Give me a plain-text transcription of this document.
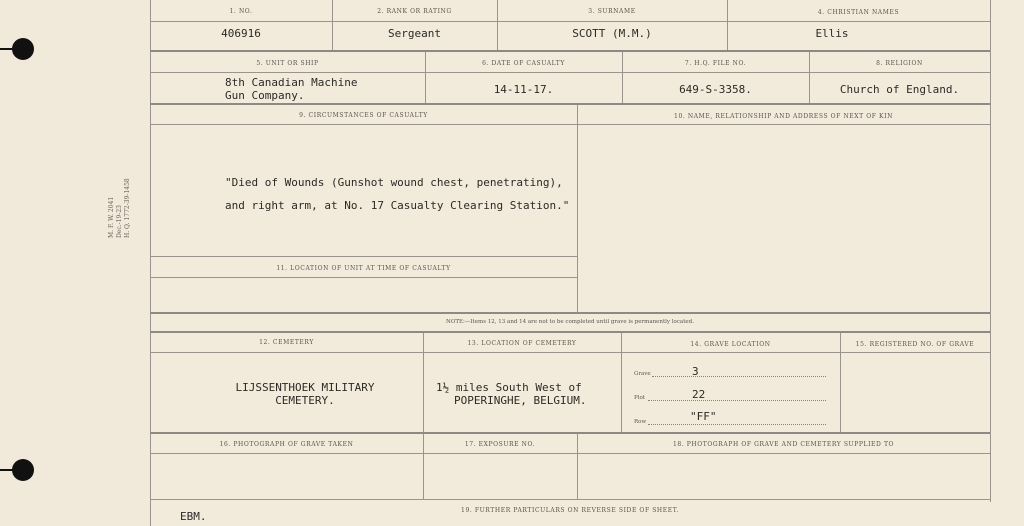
M. F. W. 2041 Dec.-19-23 H. Q. 1772-39-1458
1. NO.	2. RANK OR RATING	3. SURNAME	4. CHRISTIAN NAMES
406916	Sergeant	SCOTT (M.M.)	Ellis
5. UNIT OR SHIP	6. DATE OF CASUALTY	7. H.Q. FILE NO.	8. RELIGION
8th Canadian Machine
Gun Company.	14-11-17.	649-S-3358.	Church of England.
9. CIRCUMSTANCES OF CASUALTY	10. NAME, RELATIONSHIP AND ADDRESS OF NEXT OF KIN
"Died of Wounds (Gunshot wound chest, penetrating),
and right arm, at No. 17 Casualty Clearing Station."
11. LOCATION OF UNIT AT TIME OF CASUALTY
NOTE:—Items 12, 13 and 14 are not to be completed until grave is permanently located.
12. CEMETERY	13. LOCATION OF CEMETERY	14. GRAVE LOCATION	15. REGISTERED NO. OF GRAVE
LIJSSENTHOEK MILITARY
CEMETERY.
1½ miles South West of
POPERINGHE, BELGIUM.
Grave	3
Plot	22
Row	"FF"
16. PHOTOGRAPH OF GRAVE TAKEN	17. EXPOSURE NO.	18. PHOTOGRAPH OF GRAVE AND CEMETERY SUPPLIED TO
19. FURTHER PARTICULARS ON REVERSE SIDE OF SHEET.
EBM.
